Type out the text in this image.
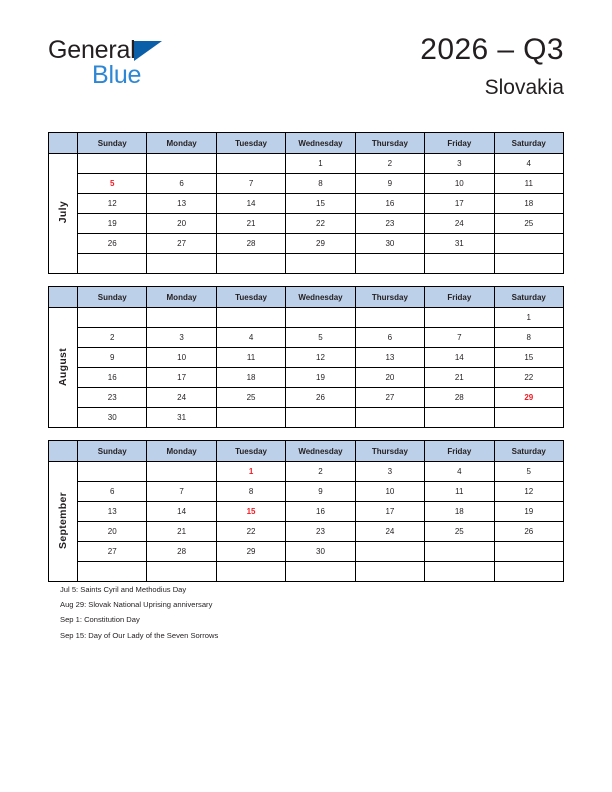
General
Blue
2026 – Q3
Slovakia
	Sunday	Monday	Tuesday	Wednesday	Thursday	Friday	Saturday
July				1	2	3	4
	5	6	7	8	9	10	11
	12	13	14	15	16	17	18
	19	20	21	22	23	24	25
	26	27	28	29	30	31	

	Sunday	Monday	Tuesday	Wednesday	Thursday	Friday	Saturday
August							1
	2	3	4	5	6	7	8
	9	10	11	12	13	14	15
	16	17	18	19	20	21	22
	23	24	25	26	27	28	29
	30	31					
	Sunday	Monday	Tuesday	Wednesday	Thursday	Friday	Saturday
September			1	2	3	4	5
	6	7	8	9	10	11	12
	13	14	15	16	17	18	19
	20	21	22	23	24	25	26
	27	28	29	30			

Jul 5: Saints Cyril and Methodius Day
Aug 29: Slovak National Uprising anniversary
Sep 1: Constitution Day
Sep 15: Day of Our Lady of the Seven Sorrows
